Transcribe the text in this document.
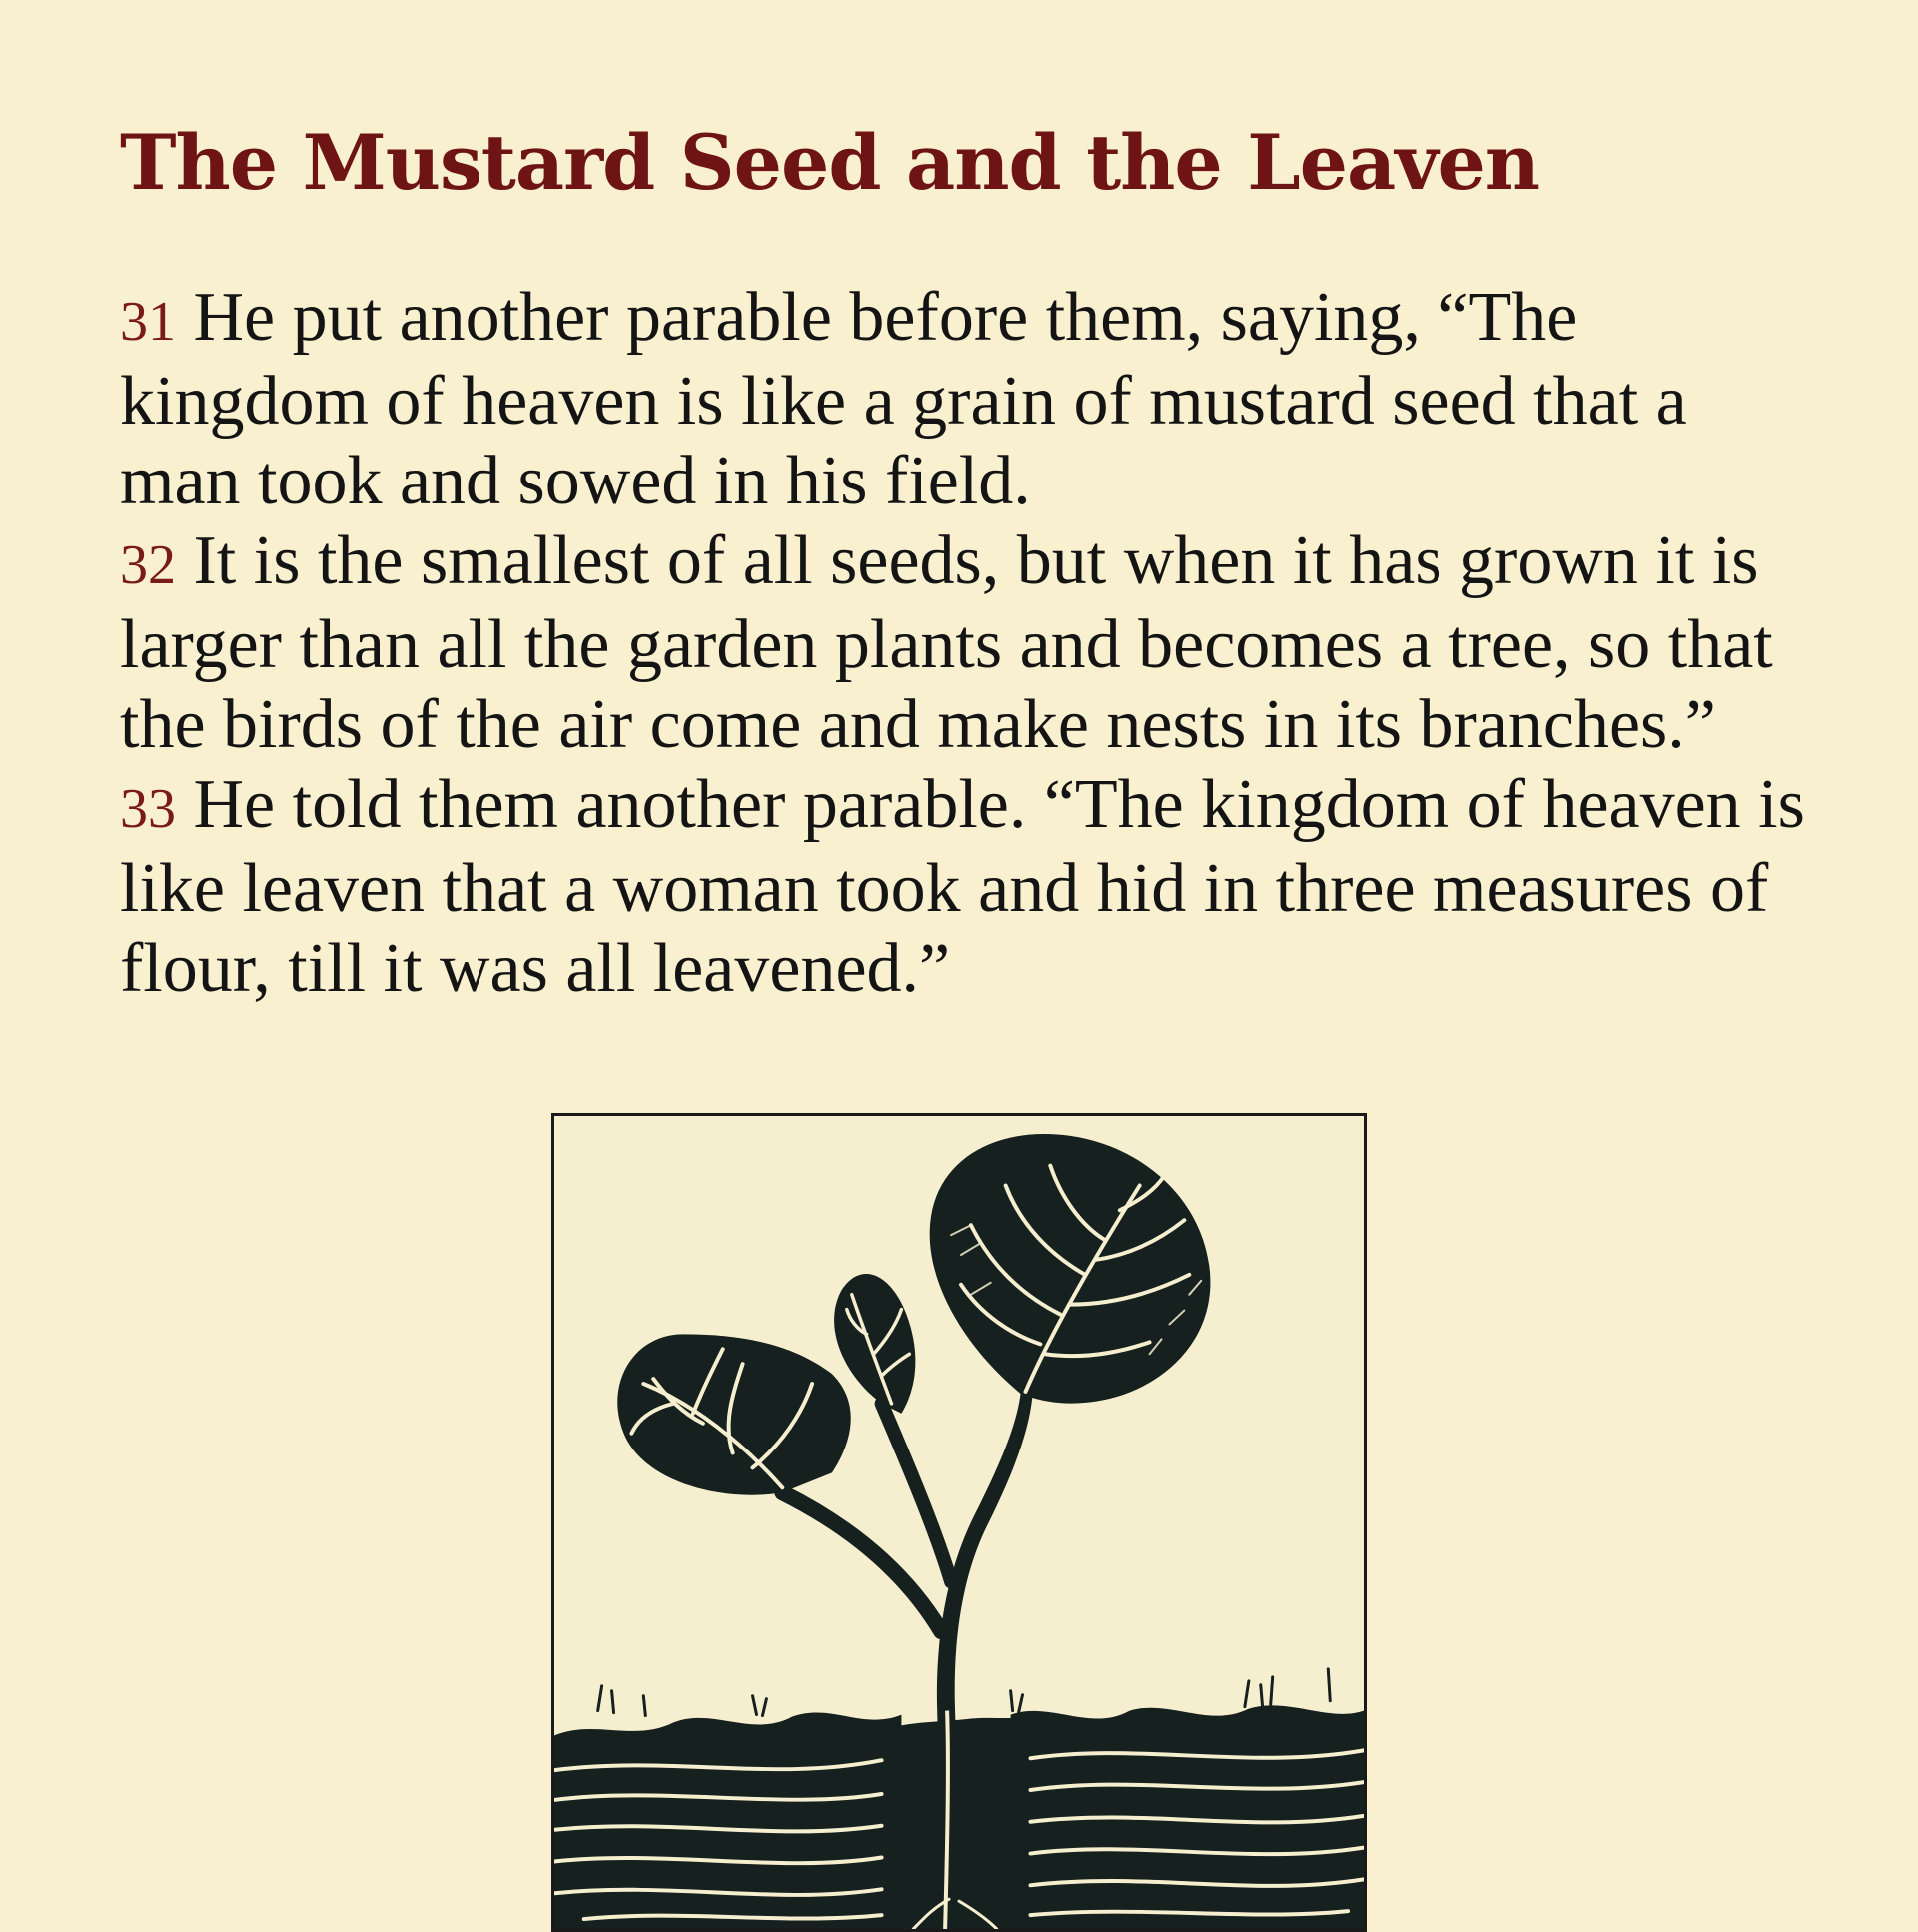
The Mustard Seed and the Leaven
31 He put another parable before them, saying, “The kingdom of heaven is like a grain of mustard seed that a man took and sowed in his field.
32 It is the smallest of all seeds, but when it has grown it is larger than all the garden plants and becomes a tree, so that the birds of the air come and make nests in its branches.”
33 He told them another parable. “The kingdom of heaven is like leaven that a woman took and hid in three measures of flour, till it was all leavened.”
